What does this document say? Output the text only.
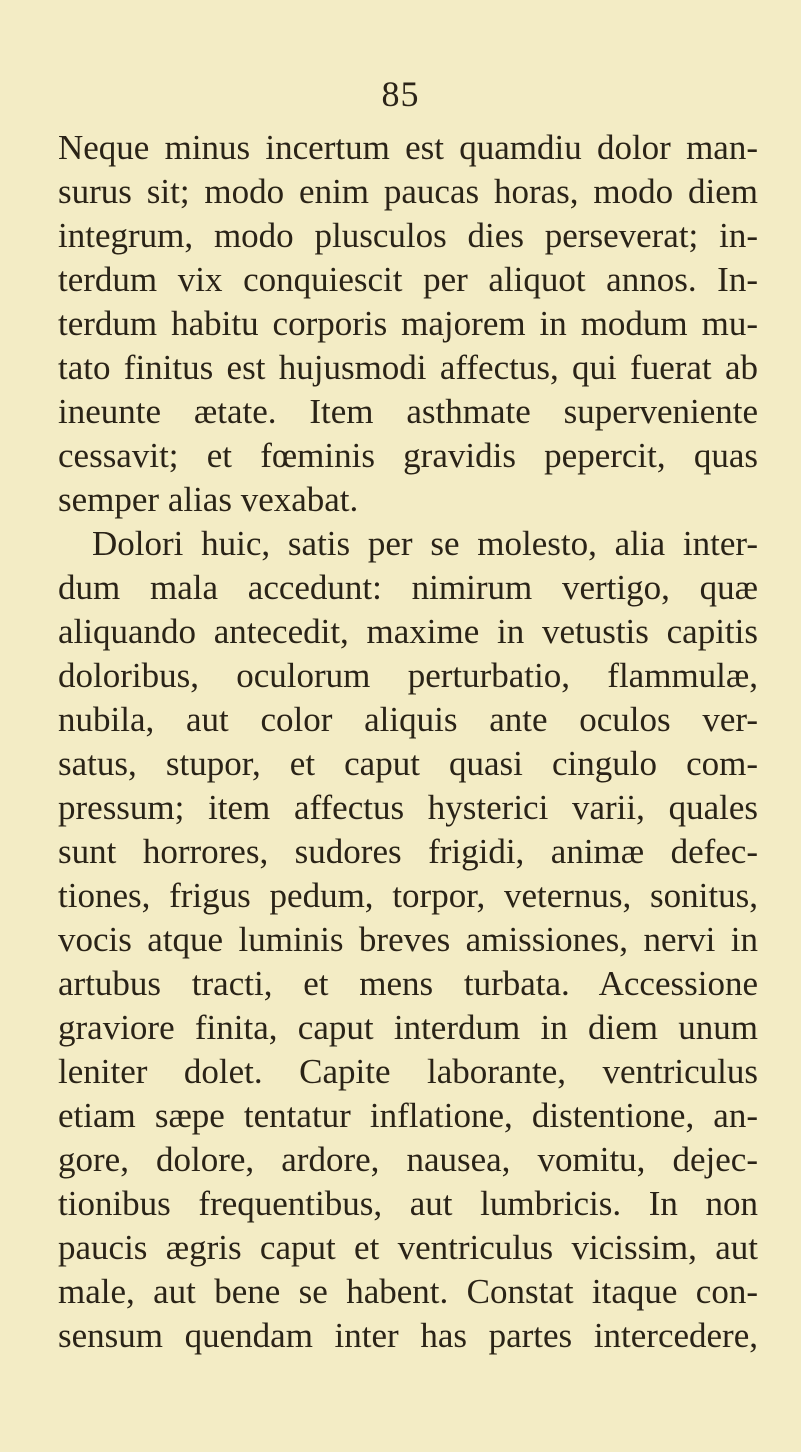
85
Neque minus incertum est quamdiu dolor man-
surus sit; modo enim paucas horas, modo diem
integrum, modo plusculos dies perseverat; in-
terdum vix conquiescit per aliquot annos. In-
terdum habitu corporis majorem in modum mu-
tato finitus est hujusmodi affectus, qui fuerat ab
ineunte ætate. Item asthmate superveniente
cessavit; et fœminis gravidis pepercit, quas
semper alias vexabat.
Dolori huic, satis per se molesto, alia inter-
dum mala accedunt: nimirum vertigo, quæ
aliquando antecedit, maxime in vetustis capitis
doloribus, oculorum perturbatio, flammulæ,
nubila, aut color aliquis ante oculos ver-
satus, stupor, et caput quasi cingulo com-
pressum; item affectus hysterici varii, quales
sunt horrores, sudores frigidi, animæ defec-
tiones, frigus pedum, torpor, veternus, sonitus,
vocis atque luminis breves amissiones, nervi in
artubus tracti, et mens turbata. Accessione
graviore finita, caput interdum in diem unum
leniter dolet. Capite laborante, ventriculus
etiam sæpe tentatur inflatione, distentione, an-
gore, dolore, ardore, nausea, vomitu, dejec-
tionibus frequentibus, aut lumbricis. In non
paucis ægris caput et ventriculus vicissim, aut
male, aut bene se habent. Constat itaque con-
sensum quendam inter has partes intercedere,
